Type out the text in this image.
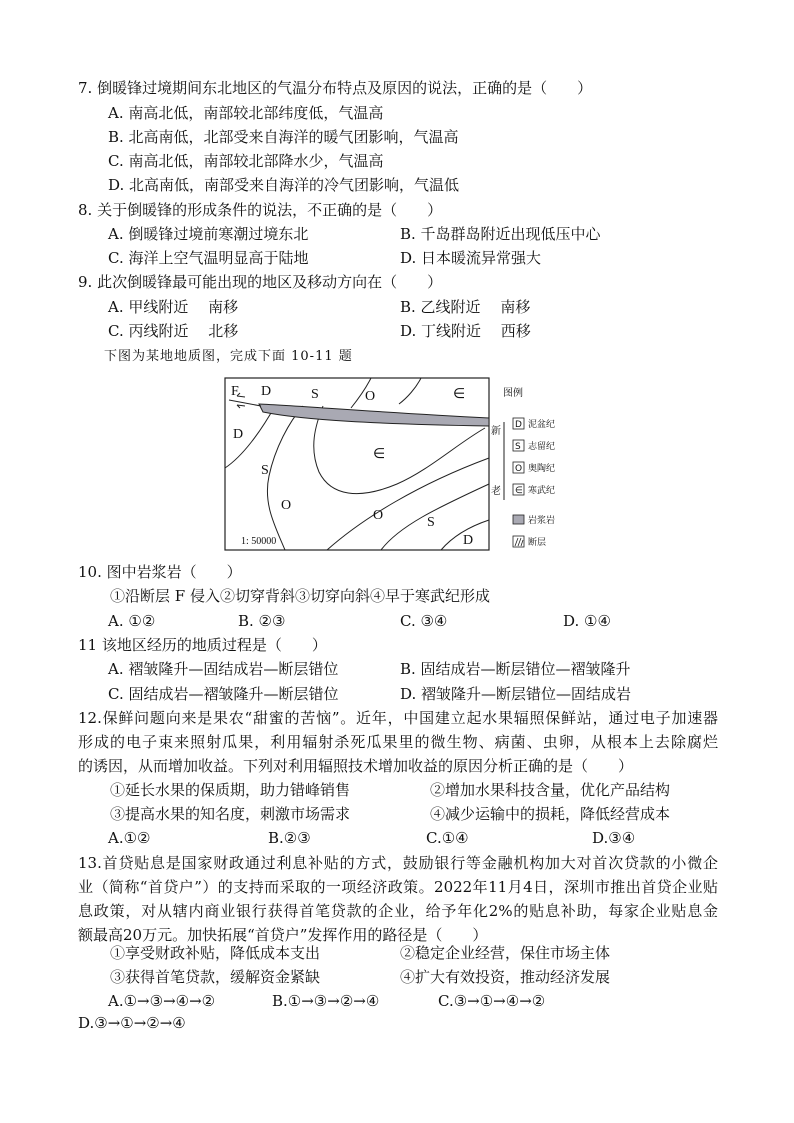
7. 倒暖锋过境期间东北地区的气温分布特点及原因的说法，正确的是（　　）
A. 南高北低，南部较北部纬度低，气温高
B. 北高南低，北部受来自海洋的暖气团影响，气温高
C. 南高北低，南部较北部降水少，气温高
D. 北高南低，南部受来自海洋的冷气团影响，气温低
8. 关于倒暖锋的形成条件的说法，不正确的是（　　）
A. 倒暖锋过境前寒潮过境东北	B. 千岛群岛附近出现低压中心
C. 海洋上空气温明显高于陆地	D. 日本暖流异常强大
9. 此次倒暖锋最可能出现的地区及移动方向在（　　）
A. 甲线附近　 南移	B. 乙线附近　 南移
C. 丙线附近　 北移	D. 丁线附近　 西移
下图为某地地质图，完成下面 10-11 题
F D	S	O	∈
D
∈
S
O
O	S
D
1: 50000
图例
新
老
D 泥盆纪
S 志留纪
O 奥陶纪
∈ 寒武纪
岩浆岩
断层
10. 图中岩浆岩（　　）
①沿断层 F 侵入②切穿背斜③切穿向斜④早于寒武纪形成
A. ①②	B. ②③	C. ③④	D. ①④
11 该地区经历的地质过程是（　　）
A. 褶皱隆升—固结成岩—断层错位	B. 固结成岩—断层错位—褶皱隆升
C. 固结成岩—褶皱隆升—断层错位	D. 褶皱隆升—断层错位—固结成岩
12.保鲜问题向来是果农“甜蜜的苦恼”。近年，中国建立起水果辐照保鲜站，通过电子加速器
形成的电子束来照射瓜果，利用辐射杀死瓜果里的微生物、病菌、虫卵，从根本上去除腐烂
的诱因，从而增加收益。下列对利用辐照技术增加收益的原因分析正确的是（　　）
①延长水果的保质期，助力错峰销售	②增加水果科技含量，优化产品结构
③提高水果的知名度，刺激市场需求	④减少运输中的损耗，降低经营成本
A.①②	B.②③	C.①④	D.③④
13.首贷贴息是国家财政通过利息补贴的方式，鼓励银行等金融机构加大对首次贷款的小微企
业（简称“首贷户”）的支持而采取的一项经济政策。2022年11月4日，深圳市推出首贷企业贴
息政策，对从辖内商业银行获得首笔贷款的企业，给予年化2%的贴息补助，每家企业贴息金
额最高20万元。加快拓展“首贷户”发挥作用的路径是（　　）
①享受财政补贴，降低成本支出	②稳定企业经营，保住市场主体
③获得首笔贷款，缓解资金紧缺	④扩大有效投资，推动经济发展
A.①→③→④→②	B.①→③→②→④	C.③→①→④→②
D.③→①→②→④
